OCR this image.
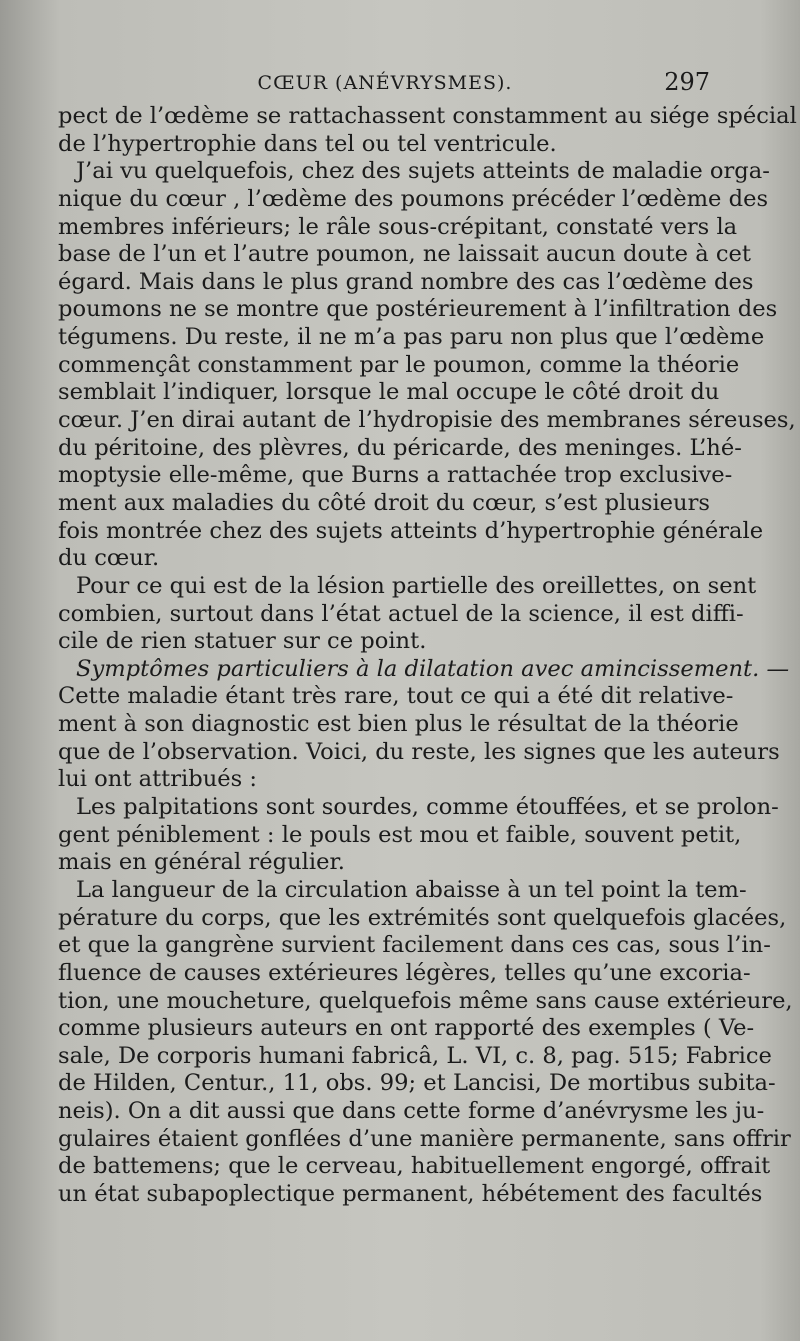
CŒUR (ANÉVRYSMES).	297
pect de l’œdème se rattachassent constamment au siége spécial
de l’hypertrophie dans tel ou tel ventricule.
J’ai vu quelquefois, chez des sujets atteints de maladie orga-
nique du cœur , l’œdème des poumons précéder l’œdème des
membres inférieurs; le râle sous-crépitant, constaté vers la
base de l’un et l’autre poumon, ne laissait aucun doute à cet
égard. Mais dans le plus grand nombre des cas l’œdème des
poumons ne se montre que postérieurement à l’infiltration des
tégumens. Du reste, il ne m’a pas paru non plus que l’œdème
commençât constamment par le poumon, comme la théorie
semblait l’indiquer, lorsque le mal occupe le côté droit du
cœur. J’en dirai autant de l’hydropisie des membranes séreuses,
du péritoine, des plèvres, du péricarde, des meninges. L’hé-
moptysie elle-même, que Burns a rattachée trop exclusive-
ment aux maladies du côté droit du cœur, s’est plusieurs
fois montrée chez des sujets atteints d’hypertrophie générale
du cœur.
Pour ce qui est de la lésion partielle des oreillettes, on sent
combien, surtout dans l’état actuel de la science, il est diffi-
cile de rien statuer sur ce point.
Symptômes particuliers à la dilatation avec amincissement. —
Cette maladie étant très rare, tout ce qui a été dit relative-
ment à son diagnostic est bien plus le résultat de la théorie
que de l’observation. Voici, du reste, les signes que les auteurs
lui ont attribués :
Les palpitations sont sourdes, comme étouffées, et se prolon-
gent péniblement : le pouls est mou et faible, souvent petit,
mais en général régulier.
La langueur de la circulation abaisse à un tel point la tem-
pérature du corps, que les extrémités sont quelquefois glacées,
et que la gangrène survient facilement dans ces cas, sous l’in-
fluence de causes extérieures légères, telles qu’une excoria-
tion, une moucheture, quelquefois même sans cause extérieure,
comme plusieurs auteurs en ont rapporté des exemples ( Ve-
sale, De corporis humani fabricâ, L. VI, c. 8, pag. 515; Fabrice
de Hilden, Centur., 11, obs. 99; et Lancisi, De mortibus subita-
neis). On a dit aussi que dans cette forme d’anévrysme les ju-
gulaires étaient gonflées d’une manière permanente, sans offrir
de battemens; que le cerveau, habituellement engorgé, offrait
un état subapoplectique permanent, hébétement des facultés
